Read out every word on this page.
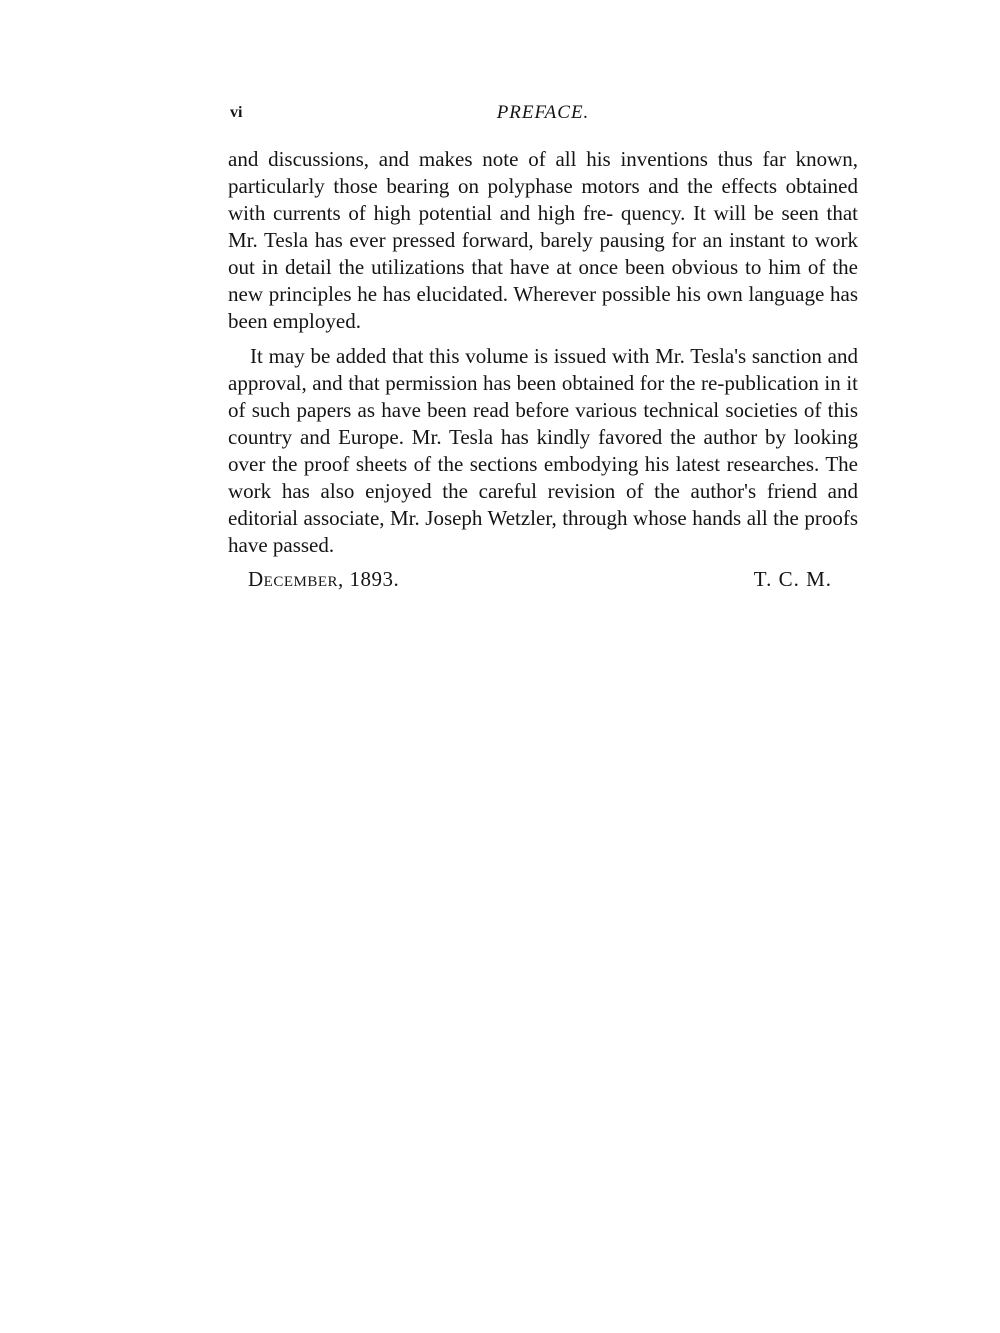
vi	PREFACE.

and discussions, and makes note of all his inventions thus far known, particularly those bearing on polyphase motors and the effects obtained with currents of high potential and high fre- quency. It will be seen that Mr. Tesla has ever pressed forward, barely pausing for an instant to work out in detail the utilizations that have at once been obvious to him of the new principles he has elucidated. Wherever possible his own language has been employed.

It may be added that this volume is issued with Mr. Tesla's sanction and approval, and that permission has been obtained for the re-publication in it of such papers as have been read before various technical societies of this country and Europe. Mr. Tesla has kindly favored the author by looking over the proof sheets of the sections embodying his latest researches. The work has also enjoyed the careful revision of the author's friend and editorial associate, Mr. Joseph Wetzler, through whose hands all the proofs have passed.

December, 1893.	T. C. M.
